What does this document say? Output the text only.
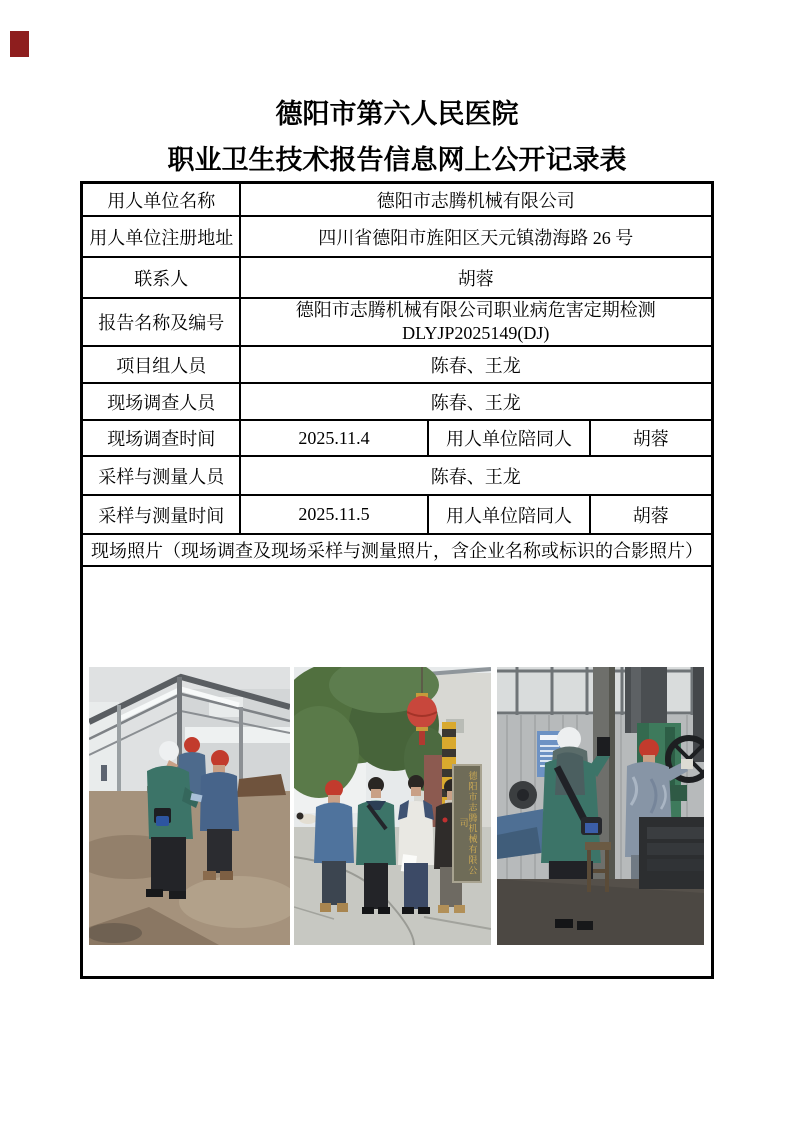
德阳市第六人民医院

职业卫生技术报告信息网上公开记录表

用人单位名称	德阳市志腾机械有限公司		
用人单位注册地址	四川省德阳市旌阳区天元镇渤海路 26 号		
联系人	胡蓉		
报告名称及编号	德阳市志腾机械有限公司职业病危害定期检测
DLYJP2025149(DJ)		

项目组人员	陈春、王龙		
现场调查人员	陈春、王龙		
现场调查时间	2025.11.4	用人单位陪同人	胡蓉
采样与测量人员	陈春、王龙		
采样与测量时间	2025.11.5	用人单位陪同人	胡蓉
现场照片（现场调查及现场采样与测量照片，含企业名称或标识的合影照片）			

德阳市志腾机械有限公司			
